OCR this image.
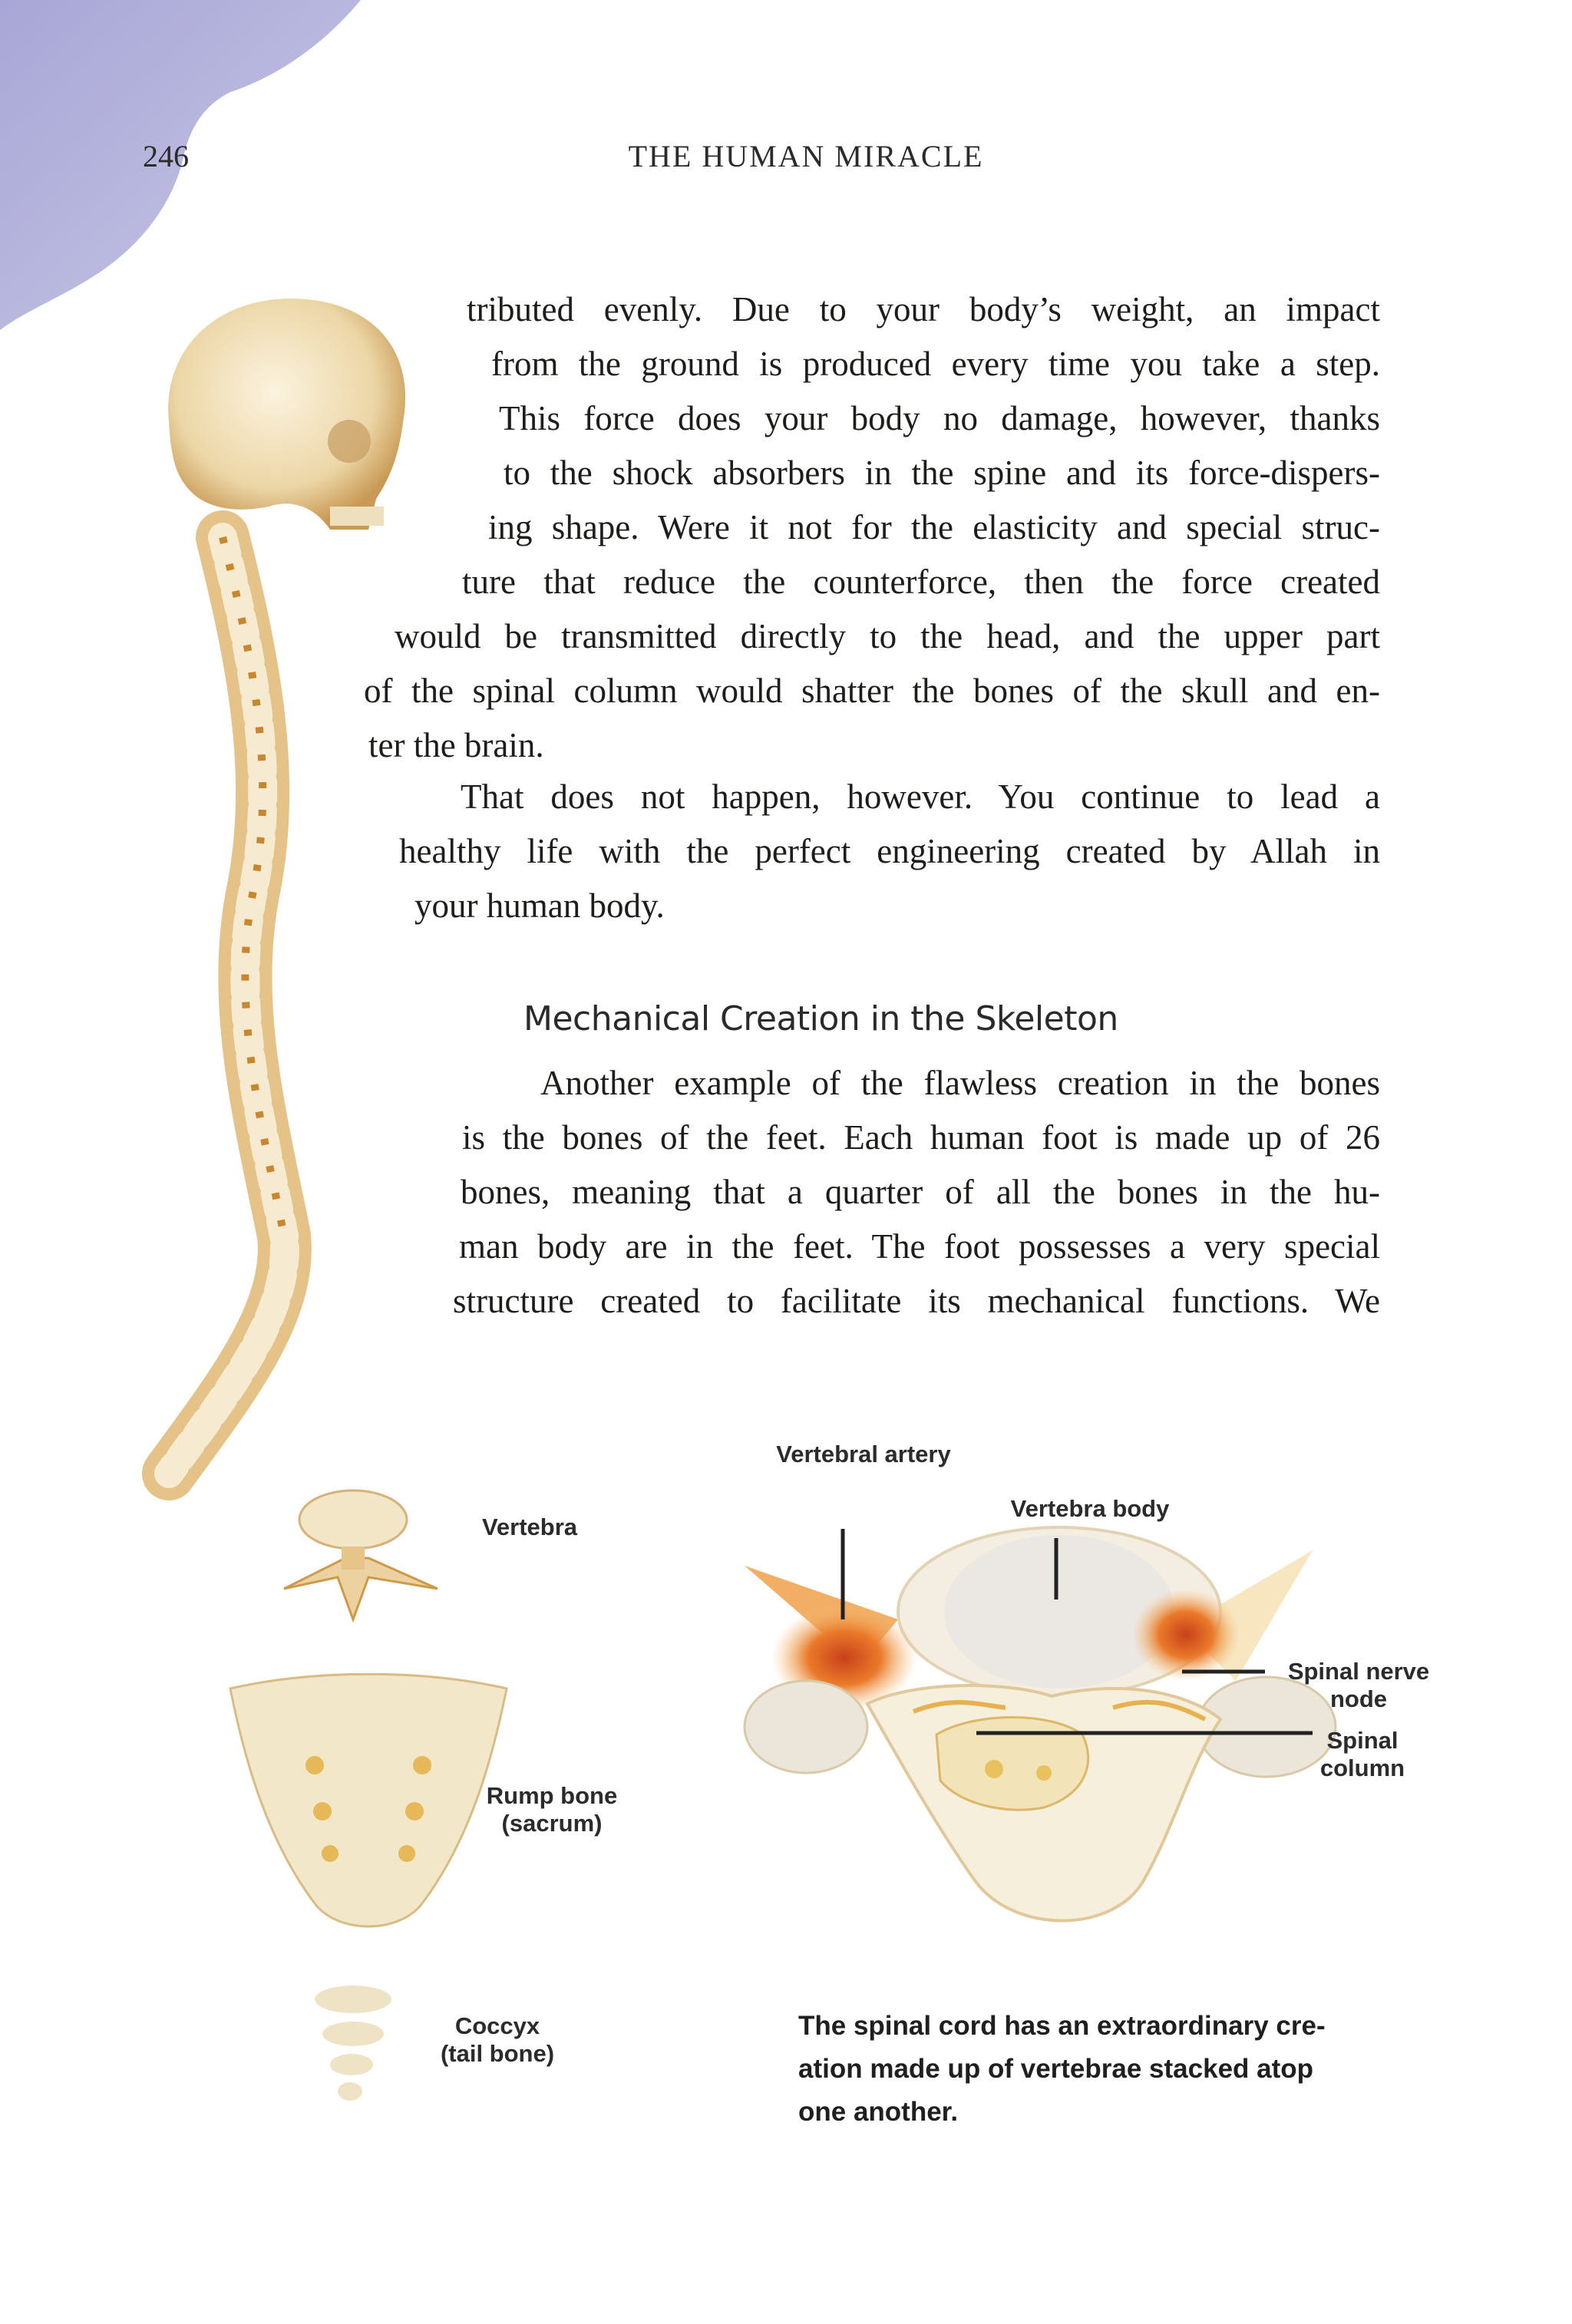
246	THE HUMAN MIRACLE
tributed evenly. Due to your body’s weight, an impact
from the ground is produced every time you take a step.
This force does your body no damage, however, thanks
to the shock absorbers in the spine and its force-dispers-
ing shape. Were it not for the elasticity and special struc-
ture that reduce the counterforce, then the force created
would be transmitted directly to the head, and the upper part
of the spinal column would shatter the bones of the skull and en-
ter the brain.
That does not happen, however. You continue to lead a
healthy life with the perfect engineering created by Allah in
your human body.
Mechanical Creation in the Skeleton
Another example of the flawless creation in the bones
is the bones of the feet. Each human foot is made up of 26
bones, meaning that a quarter of all the bones in the hu-
man body are in the feet. The foot possesses a very special
structure created to facilitate its mechanical functions. We
Vertebral artery
Vertebra body
Vertebra
Spinal nerve
node
Spinal
column
Rump bone
(sacrum)
Coccyx
(tail bone)
The spinal cord has an extraordinary cre-
ation made up of vertebrae stacked atop
one another.
